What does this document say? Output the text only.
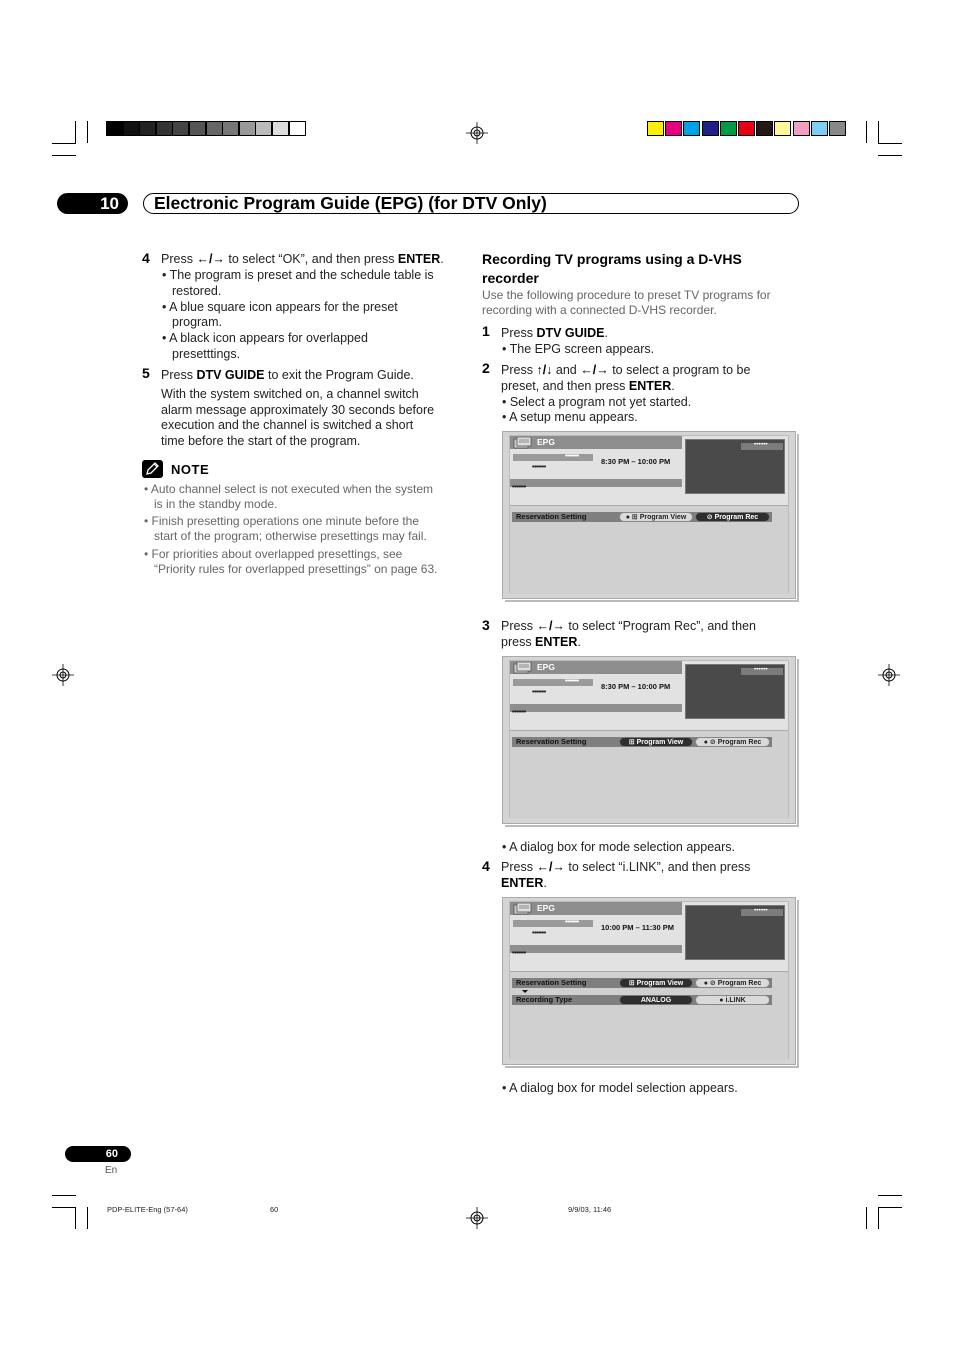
10	Electronic Program Guide (EPG) (for DTV Only)
4 Press ←/→ to select “OK”, and then press ENTER.
• The program is preset and the schedule table is
restored.
• A blue square icon appears for the preset
program.
• A black icon appears for overlapped
presetttings.
5 Press DTV GUIDE to exit the Program Guide.
With the system switched on, a channel switch
alarm message approximately 30 seconds before
execution and the channel is switched a short
time before the start of the program.
NOTE
• Auto channel select is not executed when the system
is in the standby mode.
• Finish presetting operations one minute before the
start of the program; otherwise presettings may fail.
• For priorities about overlapped presettings, see
“Priority rules for overlapped presettings” on page 63.
Recording TV programs using a D-VHS
recorder
Use the following procedure to preset TV programs for
recording with a connected D-VHS recorder.
1 Press DTV GUIDE.
• The EPG screen appears.
2 Press ↑/↓ and ←/→ to select a program to be
preset, and then press ENTER.
• Select a program not yet started.
• A setup menu appears.
EPG
•••••••
8:30 PM – 10:00 PM
•••••••
•••••••
••••••
Reservation Setting	● ⊞ Program View	⊘ Program Rec
3 Press ←/→ to select “Program Rec”, and then
press ENTER.
EPG
•••••••
8:30 PM – 10:00 PM
•••••••
•••••••
••••••
Reservation Setting	⊞ Program View	● ⊘ Program Rec
• A dialog box for mode selection appears.
4 Press ←/→ to select “i.LINK”, and then press
ENTER.
EPG
•••••••
10:00 PM – 11:30 PM
•••••••
•••••••
••••••
Reservation Setting	⊞ Program View	● ⊘ Program Rec
Recording Type	ANALOG	● i.LINK
• A dialog box for model selection appears.
60
En
PDP-ELITE-Eng (57-64)	60	9/9/03, 11:46
